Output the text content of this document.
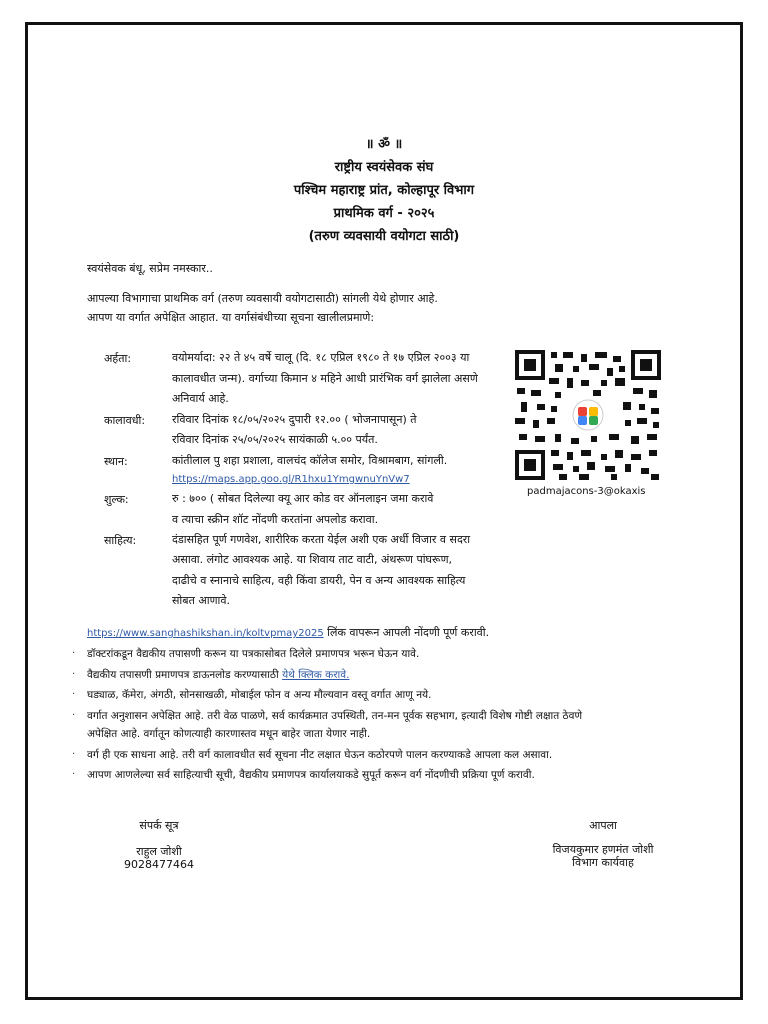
॥ ॐ ॥
राष्ट्रीय स्वयंसेवक संघ
पश्चिम महाराष्ट्र प्रांत, कोल्हापूर विभाग
प्राथमिक वर्ग - २०२५
(तरुण व्यवसायी वयोगटा साठी)
स्वयंसेवक बंधू, सप्रेम नमस्कार..
आपल्या विभागाचा प्राथमिक वर्ग (तरुण व्यवसायी वयोगटासाठी) सांगली येथे होणार आहे.
आपण या वर्गात अपेक्षित आहात. या वर्गासंबंधीच्या सूचना खालीलप्रमाणे:
अर्हता:	वयोमर्यादा: २२ ते ४५ वर्षे चालू (दि. १८ एप्रिल १९८० ते १७ एप्रिल २००३ या
कालावधीत जन्म). वर्गाच्या किमान ४ महिने आधी प्रारंभिक वर्ग झालेला असणे
अनिवार्य आहे.
कालावधी: रविवार दिनांक १८/०५/२०२५ दुपारी १२.०० ( भोजनापासून) ते
रविवार दिनांक २५/०५/२०२५ सायंकाळी ५.०० पर्यंत.
स्थान:	कांतीलाल पु शहा प्रशाला, वालचंद कॉलेज समोर, विश्रामबाग, सांगली.
https://maps.app.goo.gl/R1hxu1YmgwnuYnVw7
शुल्क:	रु : ७०० ( सोबत दिलेल्या क्यू आर कोड वर ऑनलाइन जमा करावे
व त्याचा स्क्रीन शॉट नोंदणी करतांना अपलोड करावा.
साहित्य:	दंडासहित पूर्ण गणवेश, शारीरिक करता येईल अशी एक अर्धी विजार व सदरा
असावा. लंगोट आवश्यक आहे. या शिवाय ताट वाटी, अंथरूण पांघरूण,
दाढीचे व स्नानाचे साहित्य, वही किंवा डायरी, पेन व अन्य आवश्यक साहित्य
सोबत आणावे.
padmajacons-3@okaxis
https://www.sanghashikshan.in/koltvpmay2025 लिंक वापरून आपली नोंदणी पूर्ण करावी.
· डॉक्टरांकडून वैद्यकीय तपासणी करून या पत्रकासोबत दिलेले प्रमाणपत्र भरून घेऊन यावे.
· वैद्यकीय तपासणी प्रमाणपत्र डाऊनलोड करण्यासाठी येथे क्लिक करावे.
· घड्याळ, कॅमेरा, अंगठी, सोनसाखळी, मोबाईल फोन व अन्य मौल्यवान वस्तू वर्गात आणू नये.
· वर्गात अनुशासन अपेक्षित आहे. तरी वेळ पाळणे, सर्व कार्यक्रमात उपस्थिती, तन-मन पूर्वक सहभाग, इत्यादी विशेष गोष्टी लक्षात ठेवणे
अपेक्षित आहे. वर्गातून कोणत्याही कारणास्तव मधून बाहेर जाता येणार नाही.
· वर्ग ही एक साधना आहे. तरी वर्ग कालावधीत सर्व सूचना नीट लक्षात घेऊन कठोरपणे पालन करण्याकडे आपला कल असावा.
· आपण आणलेल्या सर्व साहित्याची सूची, वैद्यकीय प्रमाणपत्र कार्यालयाकडे सुपूर्त करून वर्ग नोंदणीची प्रक्रिया पूर्ण करावी.
संपर्क सूत्र
राहुल जोशी
9028477464
आपला
विजयकुमार हणमंत जोशी
विभाग कार्यवाह
